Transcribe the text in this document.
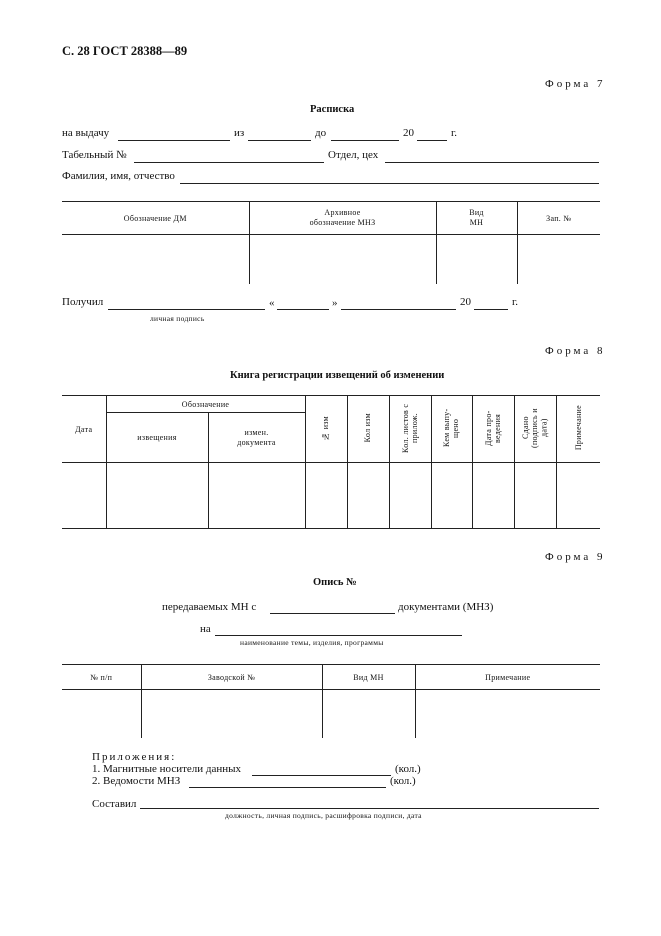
С. 28 ГОСТ 28388—89
Форма 7
Расписка
на выдачу	из	до	20	г.
Табельный №	Отдел, цех
Фамилия, имя, отчество
Обозначение ДМ	Архивное обозначение МНЗ	Вид МН	Зап. №

Получил	«	»	20	г.
личная подпись
Форма 8
Книга регистрации извещений об изменении
Дата	Обозначение		№ изм	Кол изм	Кол. листов с прилож.	Кем выпу-щено	Дата про-ведения	Сдано (подпись и дата)	Примечание
	извещения	измен. документа							

Форма 9
Опись №
передаваемых МН с	документами (МНЗ)
на
наименование темы, изделия, программы
№ п/п	Заводской №	Вид МН	Примечание

Приложения:
1. Магнитные носители данных	(кол.)
2. Ведомости МНЗ	(кол.)
Составил
должность, личная подпись, расшифровка подписи, дата
